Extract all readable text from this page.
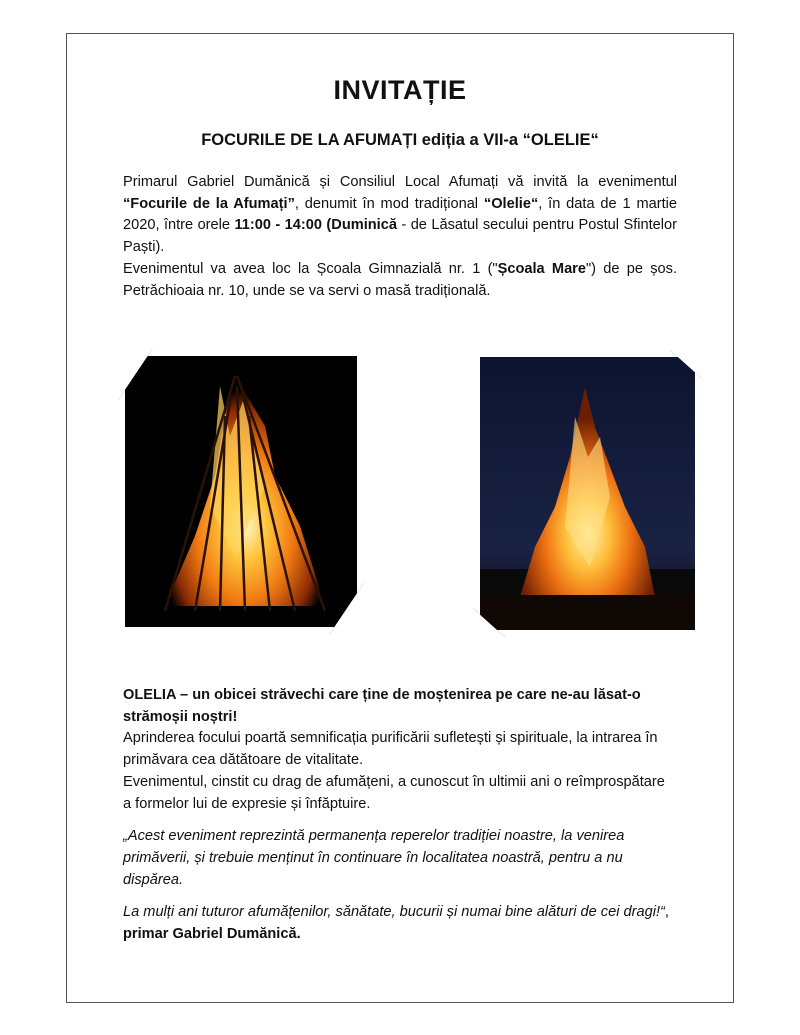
INVITAȚIE
FOCURILE DE LA AFUMAȚI ediția a VII-a “OLELIE“

Primarul Gabriel Dumănică și Consiliul Local Afumați vă invită la evenimentul “Focurile de la Afumați”, denumit în mod tradițional “Olelie“, în data de 1 martie 2020, între orele 11:00 - 14:00 (Duminică - de Lăsatul secului pentru Postul Sfintelor Paști).

Evenimentul va avea loc la Școala Gimnazială nr. 1 ("Școala Mare") de pe șos. Petrăchioaia nr. 10, unde se va servi o masă tradițională.

OLELIA – un obicei străvechi care ține de moștenirea pe care ne-au lăsat-o strămoșii noștri!

Aprinderea focului poartă semnificația purificării sufletești și spirituale, la intrarea în primăvara cea dătătoare de vitalitate.

Evenimentul, cinstit cu drag de afumățeni, a cunoscut în ultimii ani o reîmprospătare a formelor lui de expresie și înfăptuire.

„Acest eveniment reprezintă permanența reperelor tradiției noastre, la venirea primăverii, și trebuie menținut în continuare în localitatea noastră, pentru a nu dispărea.

La mulți ani tuturor afumățenilor, sănătate, bucurii și numai bine alături de cei dragi!“, primar Gabriel Dumănică.
